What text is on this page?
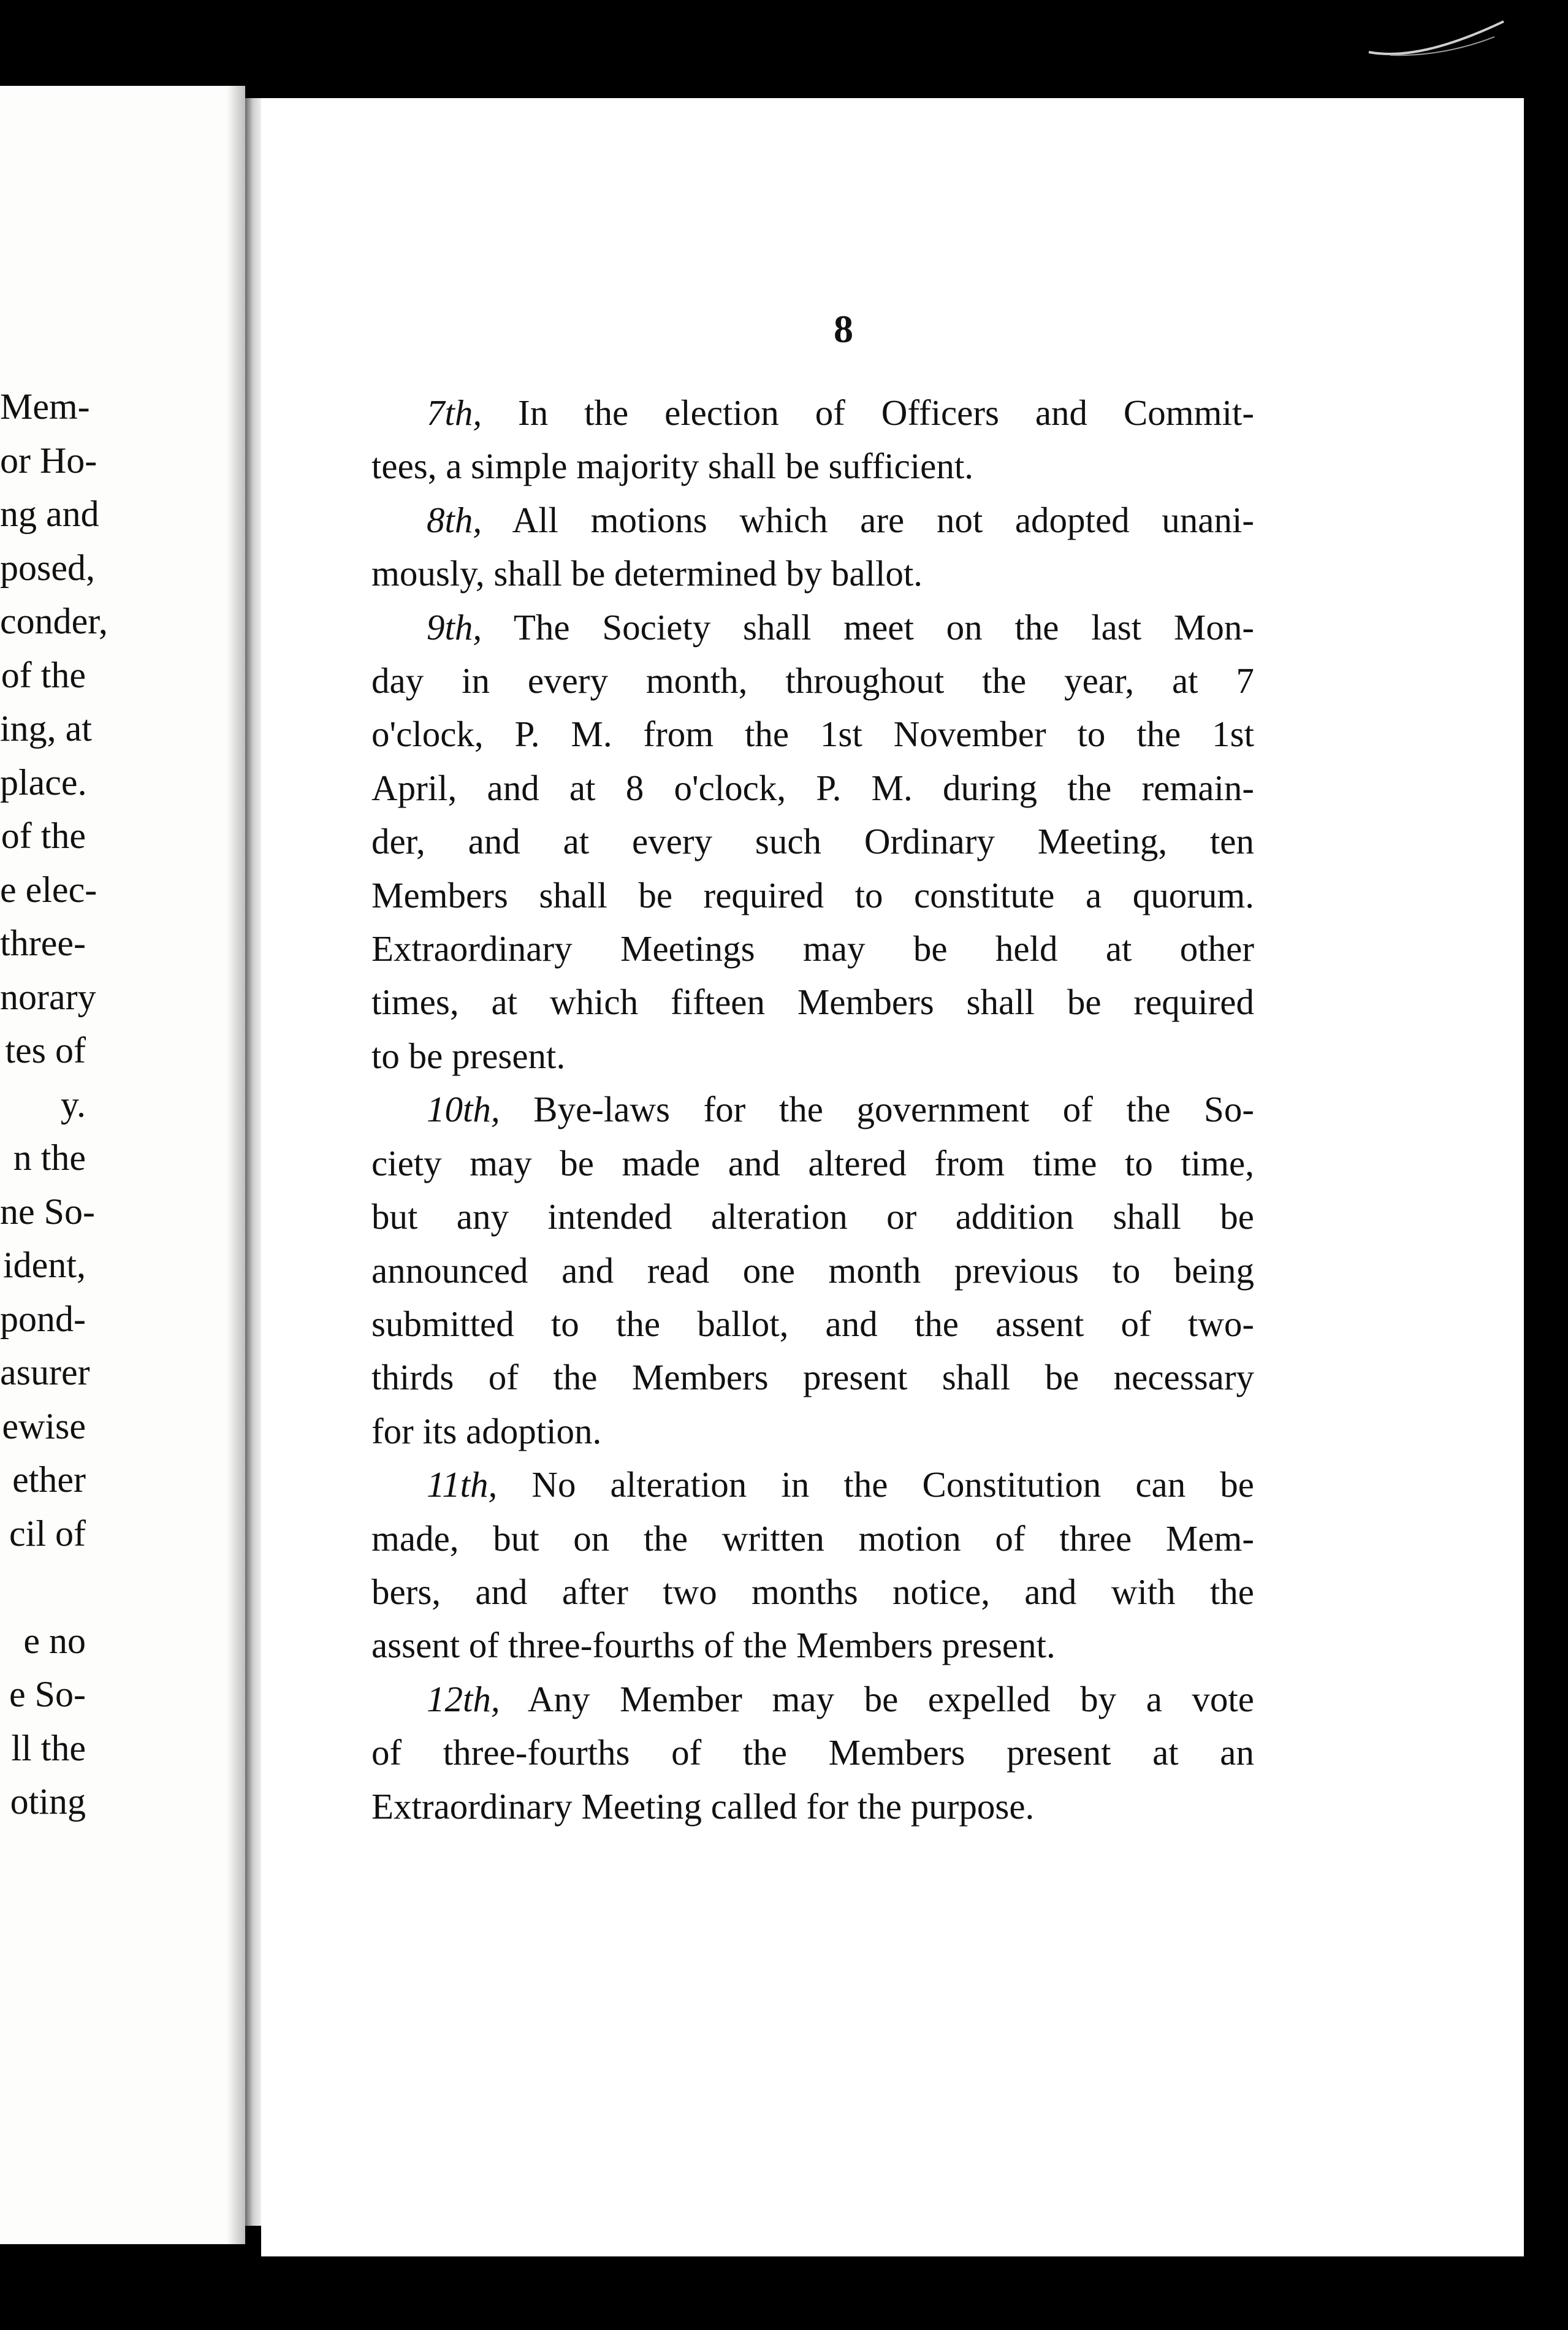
Mem-
or Ho-
ng and
posed,
conder,
of the
ing, at
place.
of the
e elec-
three-
norary
tes of
y.
n the
ne So-
ident,
pond-
asurer
ewise
ether
cil of

e no
e So-
ll the
oting
8
7th, In the election of Officers and Commit-
tees, a simple majority shall be sufficient.
8th, All motions which are not adopted unani-
mously, shall be determined by ballot.
9th, The Society shall meet on the last Mon-
day in every month, throughout the year, at 7
o'clock, P. M. from the 1st November to the 1st
April, and at 8 o'clock, P. M. during the remain-
der, and at every such Ordinary Meeting, ten
Members shall be required to constitute a quorum.
Extraordinary Meetings may be held at other
times, at which fifteen Members shall be required
to be present.
10th, Bye-laws for the government of the So-
ciety may be made and altered from time to time,
but any intended alteration or addition shall be
announced and read one month previous to being
submitted to the ballot, and the assent of two-
thirds of the Members present shall be necessary
for its adoption.
11th, No alteration in the Constitution can be
made, but on the written motion of three Mem-
bers, and after two months notice, and with the
assent of three-fourths of the Members present.
12th, Any Member may be expelled by a vote
of three-fourths of the Members present at an
Extraordinary Meeting called for the purpose.
